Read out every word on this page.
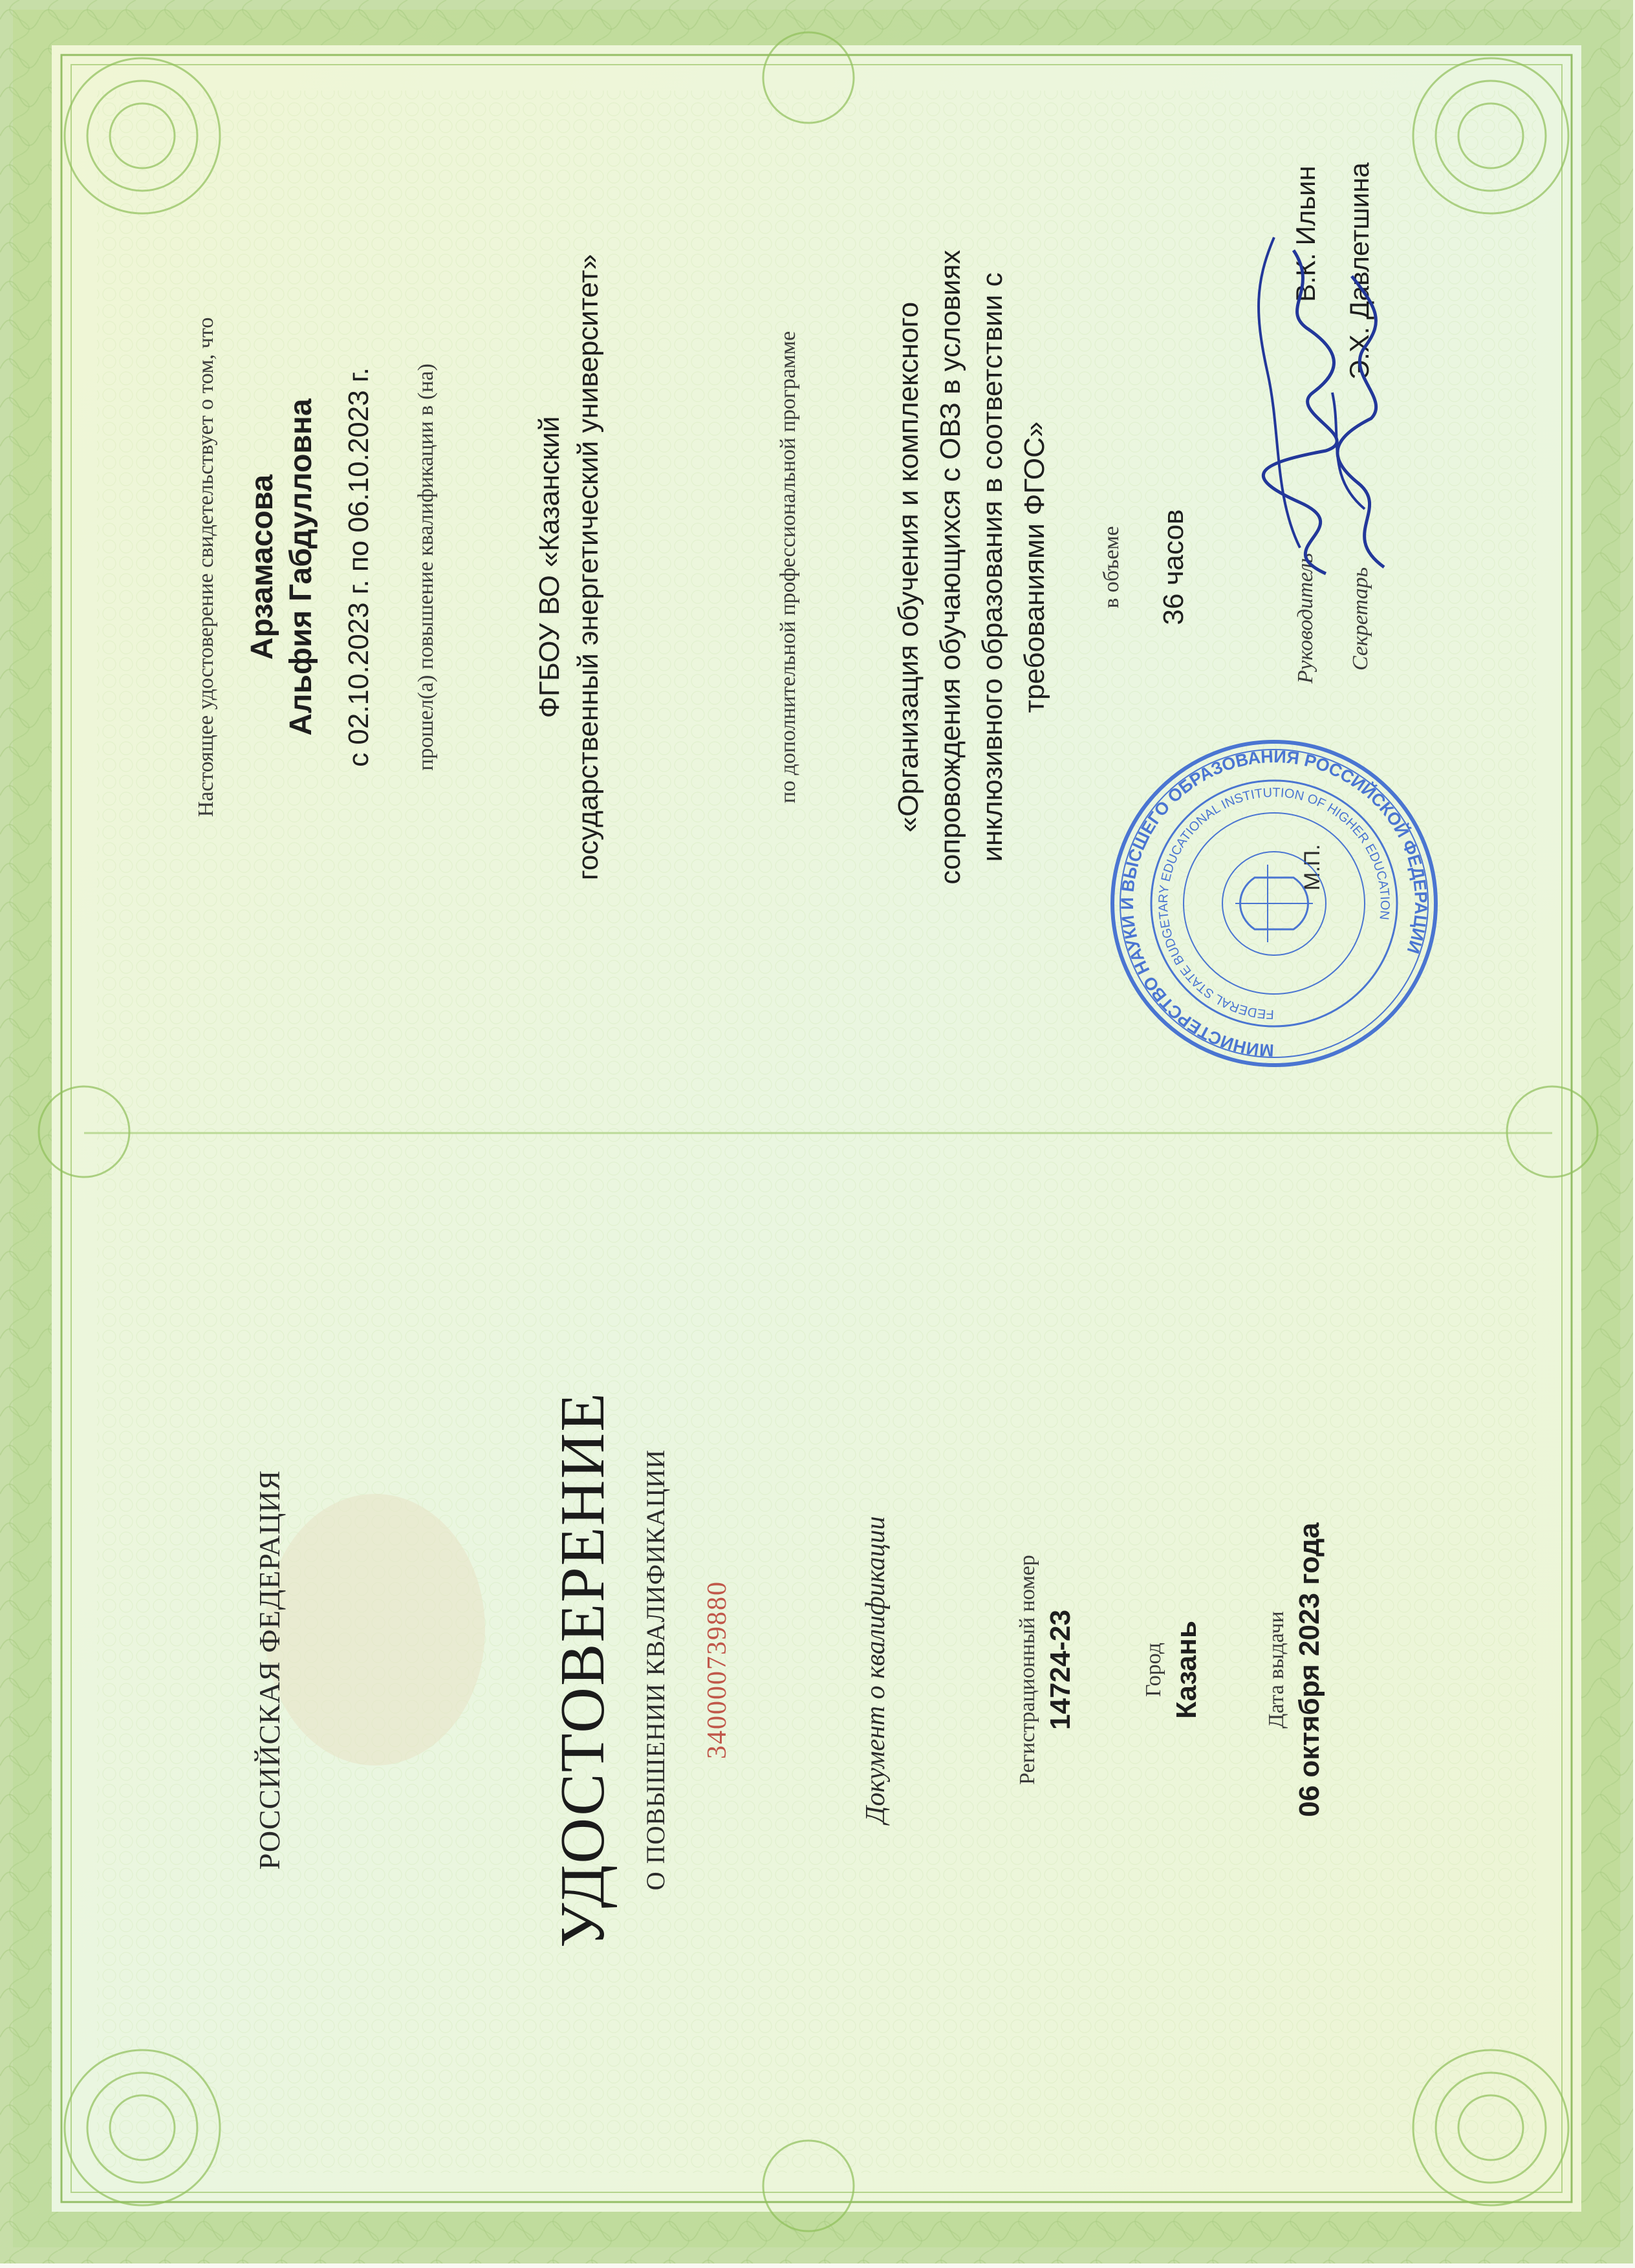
РОССИЙСКАЯ ФЕДЕРАЦИЯ	УДОСТОВЕРЕНИЕ О ПОВЫШЕНИИ КВАЛИФИКАЦИИ 340000739880	Документ о квалификации	Регистрационный номер 14724-23	Город Казань	Дата выдачи 06 октября 2023 года
Настоящее удостоверение свидетельствует о том, что Арзамасова Альфия Габдулловна с 02.10.2023 г. по 06.10.2023 г. прошел(а) повышение квалификации в (на)	ФГБОУ ВО «Казанский государственный энергетический университет»	по дополнительной профессиональной программе	«Организация обучения и комплексного сопровождения обучающихся с ОВЗ в условиях инклюзивного образования в соответствии с требованиями ФГОС» в объеме 36 часов	Руководитель
В.К. Ильин
Секретарь
Э.Х. Давлетшина
М.П.
МИНИСТЕРСТВО НАУКИ И ВЫСШЕГО ОБРАЗОВАНИЯ РОССИЙСКОЙ ФЕДЕРАЦИИ
FEDERAL STATE BUDGETARY EDUCATIONAL INSTITUTION OF HIGHER EDUCATION
